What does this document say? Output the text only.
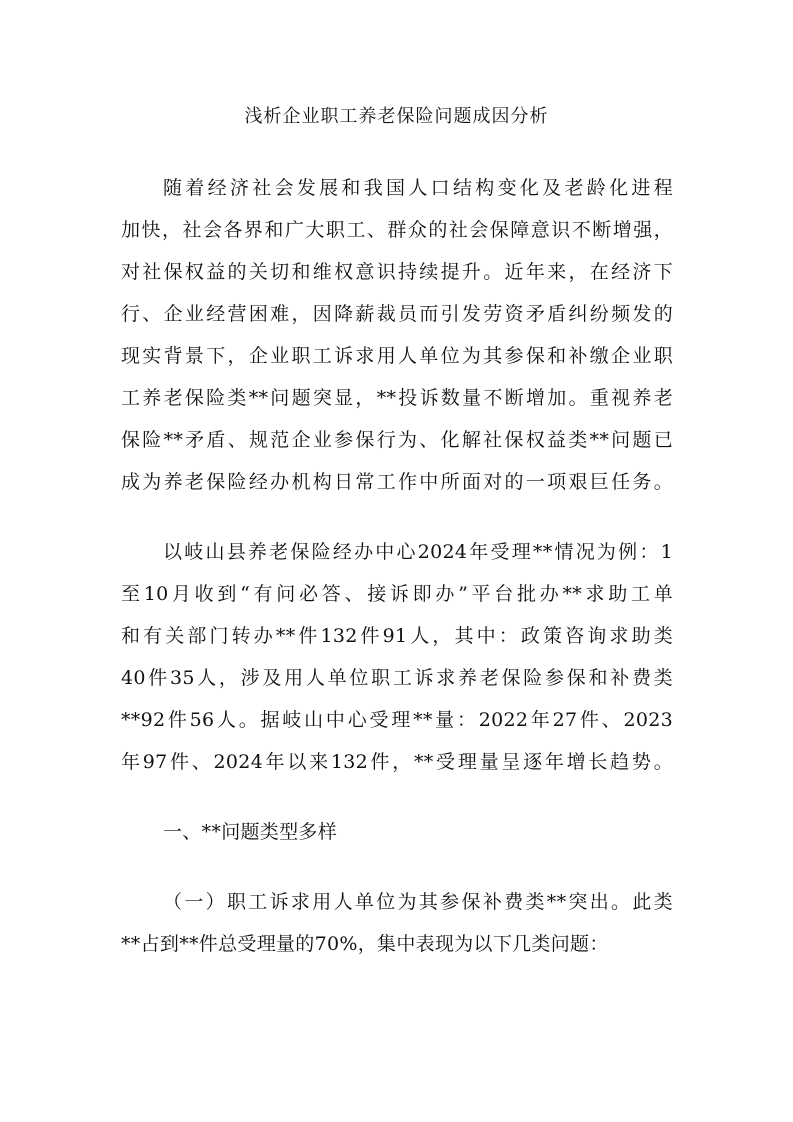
浅析企业职工养老保险问题成因分析
随着经济社会发展和我国人口结构变化及老龄化进程
加快，社会各界和广大职工、群众的社会保障意识不断增强，
对社保权益的关切和维权意识持续提升。近年来，在经济下
行、企业经营困难，因降薪裁员而引发劳资矛盾纠纷频发的
现实背景下，企业职工诉求用人单位为其参保和补缴企业职
工养老保险类**问题突显，**投诉数量不断增加。重视养老
保险**矛盾、规范企业参保行为、化解社保权益类**问题已
成为养老保险经办机构日常工作中所面对的一项艰巨任务。
以岐山县养老保险经办中心2024年受理**情况为例：1
至10月收到“有问必答、接诉即办”平台批办**求助工单
和有关部门转办**件132件91人，其中：政策咨询求助类
40件35人，涉及用人单位职工诉求养老保险参保和补费类
**92件56人。据岐山中心受理**量：2022年27件、2023
年97件、2024年以来132件，**受理量呈逐年增长趋势。
一、**问题类型多样
（一）职工诉求用人单位为其参保补费类**突出。此类
**占到**件总受理量的70%，集中表现为以下几类问题：
